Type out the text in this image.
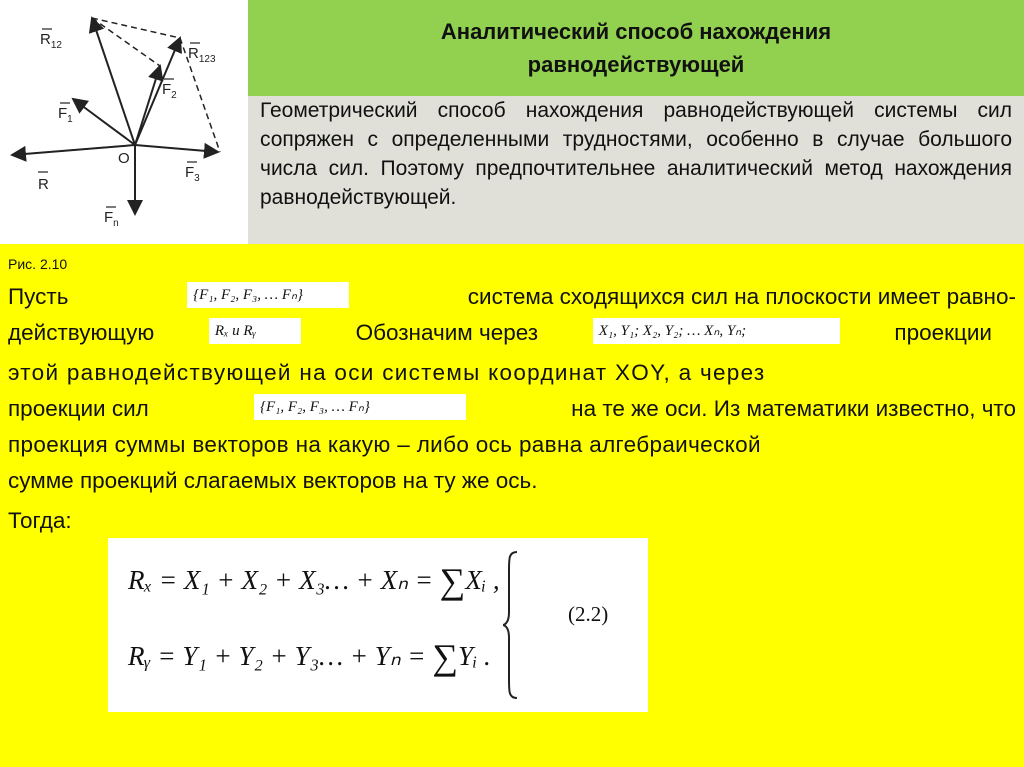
$R_{12}$	$R_{123}$
$F_1$
$F_2$
$F_3$
$F_n$
R
O
Аналитический способ нахождения
равнодействующей
Геометрический способ нахождения равнодействующей системы сил сопряжен с определенными трудностями, особенно в случае большого числа сил. Поэтому предпочтительнее аналитический метод нахождения равнодействующей.
Рис. 2.10
Пусть	{F₁, F₂, F₃, … Fₙ}	система сходящихся сил на плоскости имеет равно-
действующую	Rₓ и Rᵧ	Обозначим через	X₁, Y₁; X₂, Y₂; … Xₙ, Yₙ;	проекции
этой равнодействующей на оси системы координат XOY, а через
проекции сил	{F₁, F₂, F₃, … Fₙ}	на те же оси. Из математики известно, что
проекция суммы векторов на какую – либо ось равна алгебраической
сумме проекций слагаемых векторов на ту же ось.
Тогда:
Rₓ = X₁ + X₂ + X₃… + Xₙ = ∑Xᵢ ,
Rᵧ = Y₁ + Y₂ + Y₃… + Yₙ = ∑Yᵢ .
(2.2)
